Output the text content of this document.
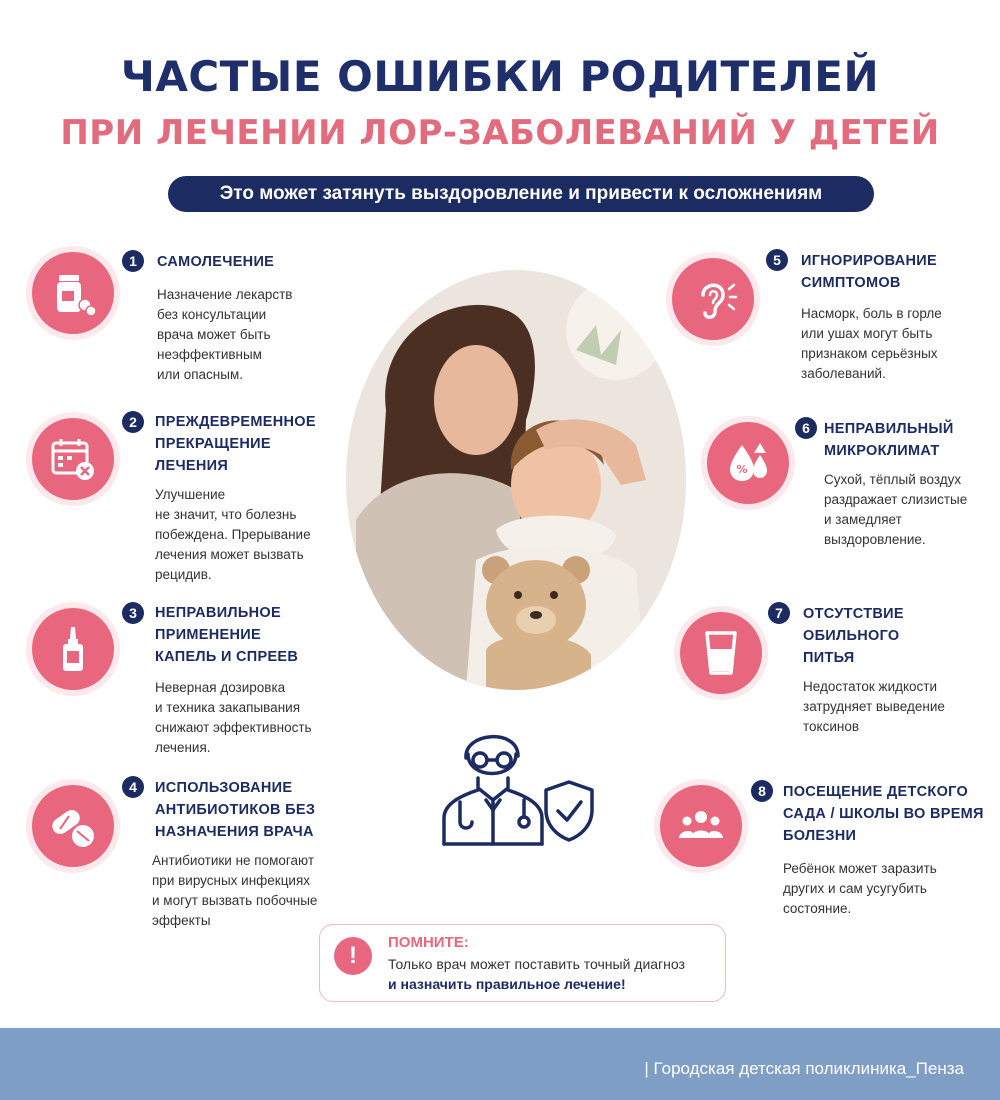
ЧАСТЫЕ ОШИБКИ РОДИТЕЛЕЙ
ПРИ ЛЕЧЕНИИ ЛОР-ЗАБОЛЕВАНИЙ У ДЕТЕЙ
Это может затянуть выздоровление и привести к осложнениям
1	САМОЛЕЧЕНИЕ
Назначение лекарств
без консультации
врача может быть
неэффективным
или опасным.
2	ПРЕЖДЕВРЕМЕННОЕ
ПРЕКРАЩЕНИЕ
ЛЕЧЕНИЯ
Улучшение
не значит, что болезнь
побеждена. Прерывание
лечения может вызвать
рецидив.
3	НЕПРАВИЛЬНОЕ
ПРИМЕНЕНИЕ
КАПЕЛЬ И СПРЕЕВ
Неверная дозировка
и техника закапывания
снижают эффективность
лечения.
4	ИСПОЛЬЗОВАНИЕ
АНТИБИОТИКОВ БЕЗ
НАЗНАЧЕНИЯ ВРАЧА
Антибиотики не помогают
при вирусных инфекциях
и могут вызвать побочные
эффекты
5	ИГНОРИРОВАНИЕ
СИМПТОМОВ
Насморк, боль в горле
или ушах могут быть
признаком серьёзных
заболеваний.
%
6 НЕПРАВИЛЬНЫЙ
МИКРОКЛИМАТ
Сухой, тёплый воздух
раздражает слизистые
и замедляет
выздоровление.
7	ОТСУТСТВИЕ
ОБИЛЬНОГО
ПИТЬЯ
Недостаток жидкости
затрудняет выведение
токсинов
8	ПОСЕЩЕНИЕ ДЕТСКОГО
САДА / ШКОЛЫ ВО ВРЕМЯ
БОЛЕЗНИ
Ребёнок может заразить
других и сам усугубить
состояние.
!	ПОМНИТЕ:
Только врач может поставить точный диагноз
и назначить правильное лечение!
| Городская детская поликлиника_Пенза
